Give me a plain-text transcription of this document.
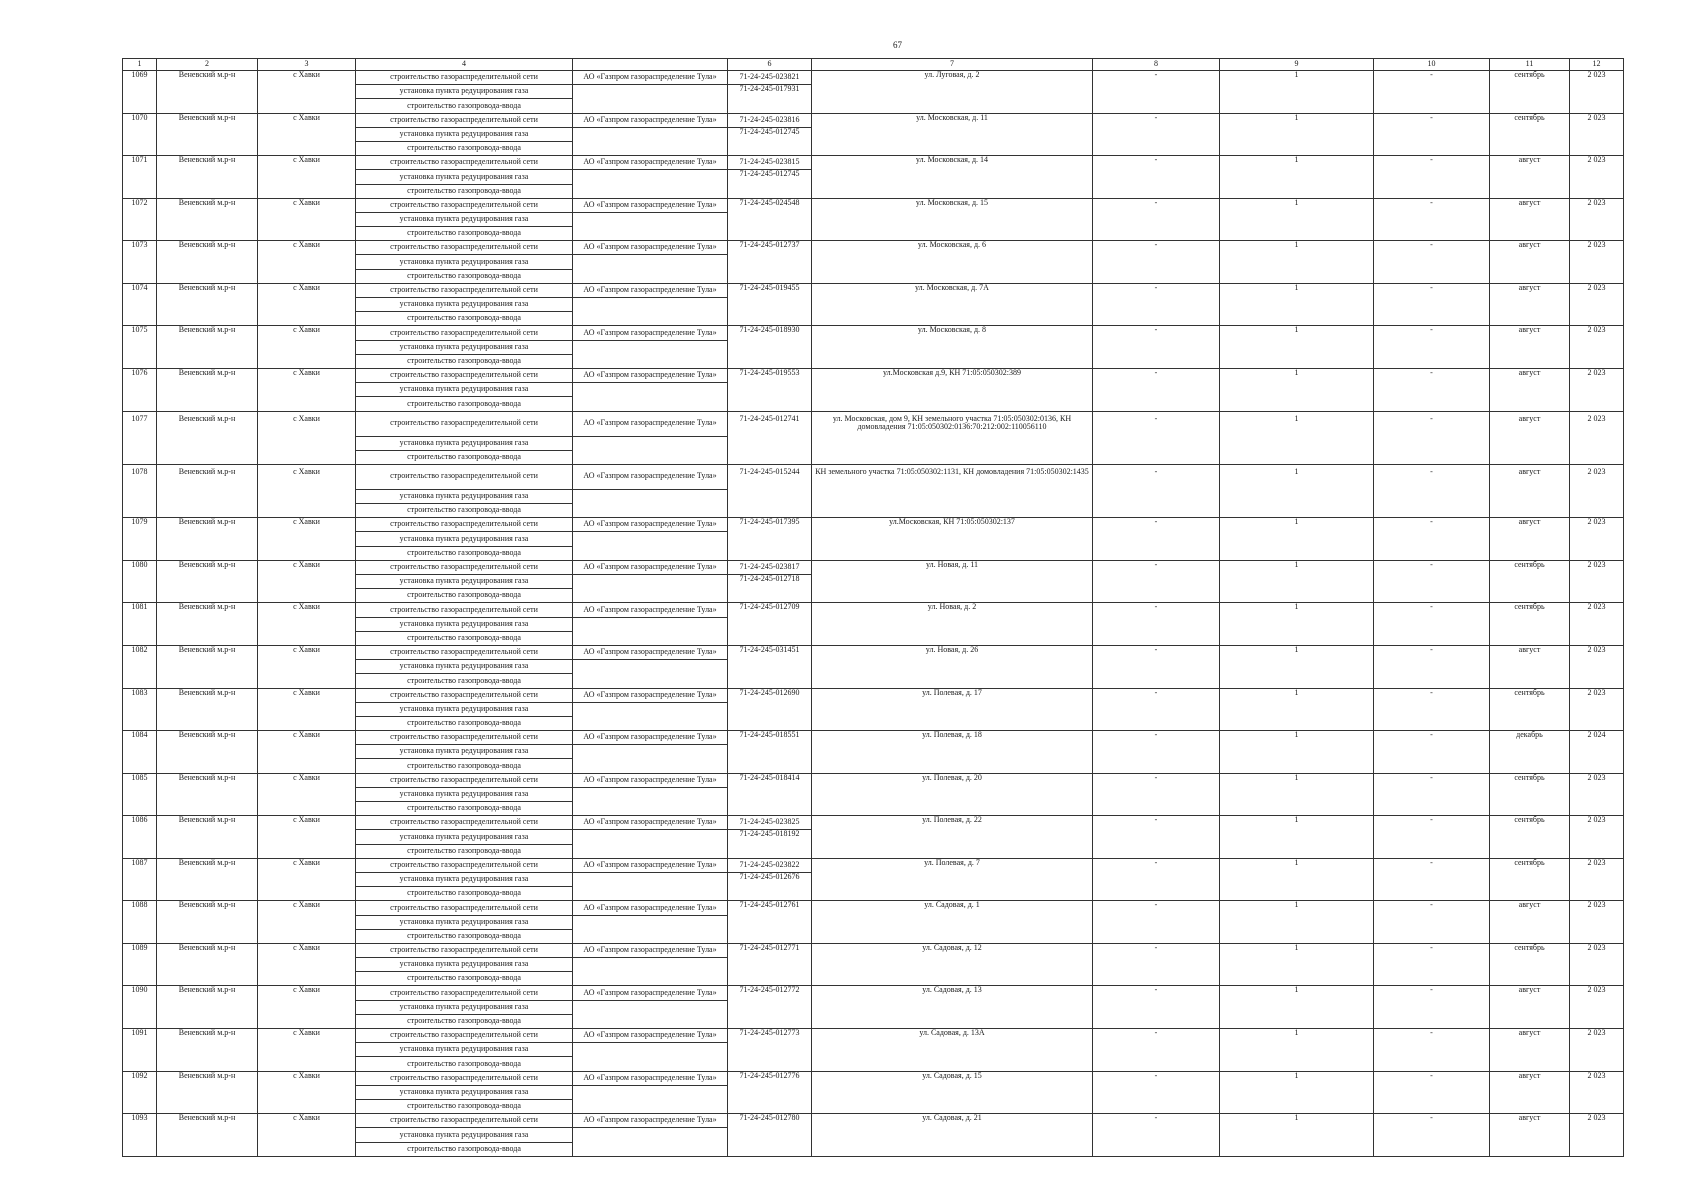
67
1	2	3	4		6	7	8	9	10	11	12
1069	Веневский м.р-н	с Хавки	строительство газораспределительной сети	АО «Газпром газораспределение Тула»	71-24-245-023821	ул. Луговая, д. 2	-	1	-	сентябрь	2 023
			установка пункта редуцирования газа		71-24-245-017931						
			строительство газопровода-ввода								
1070	Веневский м.р-н	с Хавки	строительство газораспределительной сети	АО «Газпром газораспределение Тула»	71-24-245-023816	ул. Московская, д. 11	-	1	-	сентябрь	2 023
			установка пункта редуцирования газа		71-24-245-012745						
			строительство газопровода-ввода								
1071	Веневский м.р-н	с Хавки	строительство газораспределительной сети	АО «Газпром газораспределение Тула»	71-24-245-023815	ул. Московская, д. 14	-	1	-	август	2 023
			установка пункта редуцирования газа		71-24-245-012745						
			строительство газопровода-ввода								
1072	Веневский м.р-н	с Хавки	строительство газораспределительной сети	АО «Газпром газораспределение Тула»	71-24-245-024548	ул. Московская, д. 15	-	1	-	август	2 023
			установка пункта редуцирования газа								
			строительство газопровода-ввода								
1073	Веневский м.р-н	с Хавки	строительство газораспределительной сети	АО «Газпром газораспределение Тула»	71-24-245-012737	ул. Московская, д. 6	-	1	-	август	2 023
			установка пункта редуцирования газа								
			строительство газопровода-ввода								
1074	Веневский м.р-н	с Хавки	строительство газораспределительной сети	АО «Газпром газораспределение Тула»	71-24-245-019455	ул. Московская, д. 7А	-	1	-	август	2 023
			установка пункта редуцирования газа								
			строительство газопровода-ввода								
1075	Веневский м.р-н	с Хавки	строительство газораспределительной сети	АО «Газпром газораспределение Тула»	71-24-245-018930	ул. Московская, д. 8	-	1	-	август	2 023
			установка пункта редуцирования газа								
			строительство газопровода-ввода								
1076	Веневский м.р-н	с Хавки	строительство газораспределительной сети	АО «Газпром газораспределение Тула»	71-24-245-019553	ул.Московская д.9, КН 71:05:050302:389	-	1	-	август	2 023
			установка пункта редуцирования газа								
			строительство газопровода-ввода								
1077	Веневский м.р-н	с Хавки	строительство газораспределительной сети	АО «Газпром газораспределение Тула»	71-24-245-012741	ул. Московская, дом 9, КН земельного участка 71:05:050302:0136, КН домовладения 71:05:050302:0136:70:212:002:110056110	-	1	-	август	2 023
			установка пункта редуцирования газа								
			строительство газопровода-ввода								
1078	Веневский м.р-н	с Хавки	строительство газораспределительной сети	АО «Газпром газораспределение Тула»	71-24-245-015244	КН земельного участка 71:05:050302:1131, КН домовладения 71:05:050302:1435	-	1	-	август	2 023
			установка пункта редуцирования газа								
			строительство газопровода-ввода								
1079	Веневский м.р-н	с Хавки	строительство газораспределительной сети	АО «Газпром газораспределение Тула»	71-24-245-017395	ул.Московская, КН 71:05:050302:137	-	1	-	август	2 023
			установка пункта редуцирования газа								
			строительство газопровода-ввода								
1080	Веневский м.р-н	с Хавки	строительство газораспределительной сети	АО «Газпром газораспределение Тула»	71-24-245-023817	ул. Новая, д. 11	-	1	-	сентябрь	2 023
			установка пункта редуцирования газа		71-24-245-012718						
			строительство газопровода-ввода								
1081	Веневский м.р-н	с Хавки	строительство газораспределительной сети	АО «Газпром газораспределение Тула»	71-24-245-012709	ул. Новая, д. 2	-	1	-	сентябрь	2 023
			установка пункта редуцирования газа								
			строительство газопровода-ввода								
1082	Веневский м.р-н	с Хавки	строительство газораспределительной сети	АО «Газпром газораспределение Тула»	71-24-245-031451	ул. Новая, д. 26	-	1	-	август	2 023
			установка пункта редуцирования газа								
			строительство газопровода-ввода								
1083	Веневский м.р-н	с Хавки	строительство газораспределительной сети	АО «Газпром газораспределение Тула»	71-24-245-012690	ул. Полевая, д. 17	-	1	-	сентябрь	2 023
			установка пункта редуцирования газа								
			строительство газопровода-ввода								
1084	Веневский м.р-н	с Хавки	строительство газораспределительной сети	АО «Газпром газораспределение Тула»	71-24-245-018551	ул. Полевая, д. 18	-	1	-	декабрь	2 024
			установка пункта редуцирования газа								
			строительство газопровода-ввода								
1085	Веневский м.р-н	с Хавки	строительство газораспределительной сети	АО «Газпром газораспределение Тула»	71-24-245-018414	ул. Полевая, д. 20	-	1	-	сентябрь	2 023
			установка пункта редуцирования газа								
			строительство газопровода-ввода								
1086	Веневский м.р-н	с Хавки	строительство газораспределительной сети	АО «Газпром газораспределение Тула»	71-24-245-023825	ул. Полевая, д. 22	-	1	-	сентябрь	2 023
			установка пункта редуцирования газа		71-24-245-018192						
			строительство газопровода-ввода								
1087	Веневский м.р-н	с Хавки	строительство газораспределительной сети	АО «Газпром газораспределение Тула»	71-24-245-023822	ул. Полевая, д. 7	-	1	-	сентябрь	2 023
			установка пункта редуцирования газа		71-24-245-012676						
			строительство газопровода-ввода								
1088	Веневский м.р-н	с Хавки	строительство газораспределительной сети	АО «Газпром газораспределение Тула»	71-24-245-012761	ул. Садовая, д. 1	-	1	-	август	2 023
			установка пункта редуцирования газа								
			строительство газопровода-ввода								
1089	Веневский м.р-н	с Хавки	строительство газораспределительной сети	АО «Газпром газораспределение Тула»	71-24-245-012771	ул. Садовая, д. 12	-	1	-	сентябрь	2 023
			установка пункта редуцирования газа								
			строительство газопровода-ввода								
1090	Веневский м.р-н	с Хавки	строительство газораспределительной сети	АО «Газпром газораспределение Тула»	71-24-245-012772	ул. Садовая, д. 13	-	1	-	август	2 023
			установка пункта редуцирования газа								
			строительство газопровода-ввода								
1091	Веневский м.р-н	с Хавки	строительство газораспределительной сети	АО «Газпром газораспределение Тула»	71-24-245-012773	ул. Садовая, д. 13А	-	1	-	август	2 023
			установка пункта редуцирования газа								
			строительство газопровода-ввода								
1092	Веневский м.р-н	с Хавки	строительство газораспределительной сети	АО «Газпром газораспределение Тула»	71-24-245-012776	ул. Садовая, д. 15	-	1	-	август	2 023
			установка пункта редуцирования газа								
			строительство газопровода-ввода								
1093	Веневский м.р-н	с Хавки	строительство газораспределительной сети	АО «Газпром газораспределение Тула»	71-24-245-012780	ул. Садовая, д. 21	-	1	-	август	2 023
			установка пункта редуцирования газа								
			строительство газопровода-ввода								
